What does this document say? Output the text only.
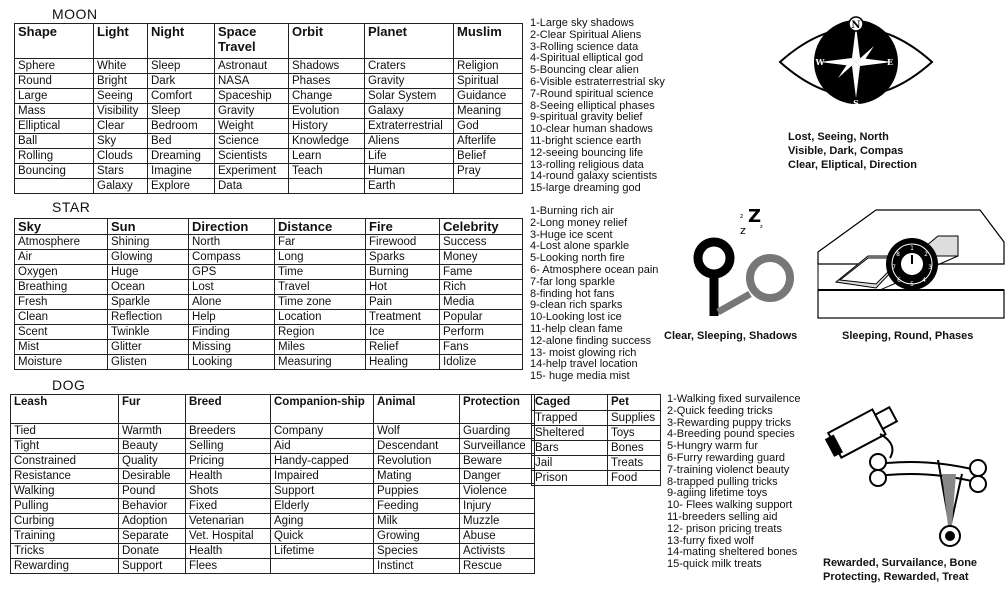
MOON
Shape	Light	Night	Space Travel	Orbit	Planet	Muslim
Sphere	White	Sleep	Astronaut	Shadows	Craters	Religion
Round	Bright	Dark	NASA	Phases	Gravity	Spiritual
Large	Seeing	Comfort	Spaceship	Change	Solar System	Guidance
Mass	Visibility	Sleep	Gravity	Evolution	Galaxy	Meaning
Elliptical	Clear	Bedroom	Weight	History	Extraterrestrial	God
Ball	Sky	Bed	Science	Knowledge	Aliens	Afterlife
Rolling	Clouds	Dreaming	Scientists	Learn	Life	Belief
Bouncing	Stars	Imagine	Experiment	Teach	Human	Pray
	Galaxy	Explore	Data		Earth	
1-Large sky shadows
2-Clear Spiritual Aliens
3-Rolling science data
4-Spiritual elliptical god
5-Bouncing clear alien
6-Visible estraterrestrial sky
7-Round spiritual science
8-Seeing elliptical phases
9-spiritual gravity belief
10-clear human shadows
11-bright science earth
12-seeing bouncing life
13-rolling religious data
14-round galaxy scientists
15-large dreaming god
N
S
E
W
Lost, Seeing, North
Visible, Dark, Compas
Clear, Eliptical, Direction
STAR
Sky	Sun	Direction	Distance	Fire	Celebrity
Atmosphere	Shining	North	Far	Firewood	Success
Air	Glowing	Compass	Long	Sparks	Money
Oxygen	Huge	GPS	Time	Burning	Fame
Breathing	Ocean	Lost	Travel	Hot	Rich
Fresh	Sparkle	Alone	Time zone	Pain	Media
Clean	Reflection	Help	Location	Treatment	Popular
Scent	Twinkle	Finding	Region	Ice	Perform
Mist	Glitter	Missing	Miles	Relief	Fans
Moisture	Glisten	Looking	Measuring	Healing	Idolize
1-Burning rich air
2-Long money relief
3-Huge ice scent
4-Lost alone sparkle
5-Looking north fire
6- Atmosphere ocean pain
7-far long sparkle
8-finding hot fans
9-clean rich sparks
10-Looking lost ice
11-help clean fame
12-alone finding success
13- moist glowing rich
14-help travel location
15- huge media mist
z Z
z	z
Clear, Sleeping, Shadows
1
2
3
4
5
6
7
8
Sleeping, Round, Phases
DOG
Leash	Fur	Breed	Companion-ship	Animal	Protection
Tied	Warmth	Breeders	Company	Wolf	Guarding
Tight	Beauty	Selling	Aid	Descendant	Surveillance
Constrained	Quality	Pricing	Handy-capped	Revolution	Beware
Resistance	Desirable	Health	Impaired	Mating	Danger
Walking	Pound	Shots	Support	Puppies	Violence
Pulling	Behavior	Fixed	Elderly	Feeding	Injury
Curbing	Adoption	Vetenarian	Aging	Milk	Muzzle
Training	Separate	Vet. Hospital	Quick	Growing	Abuse
Tricks	Donate	Health	Lifetime	Species	Activists
Rewarding	Support	Flees		Instinct	Rescue
Caged	Pet
Trapped	Supplies
Sheltered	Toys
Bars	Bones
Jail	Treats
Prison	Food
1-Walking fixed survailence
2-Quick feeding tricks
3-Rewarding puppy tricks
4-Breeding pound species
5-Hungry warm fur
6-Furry rewarding guard
7-training violenct beauty
8-trapped pulling tricks
9-agiing lifetime toys
10- Flees walking support
11-breeders selling aid
12- prison pricing treats
13-furry fixed wolf
14-mating sheltered bones
15-quick milk treats	Rewarded, Survailance, Bone
Protecting, Rewarded, Treat
